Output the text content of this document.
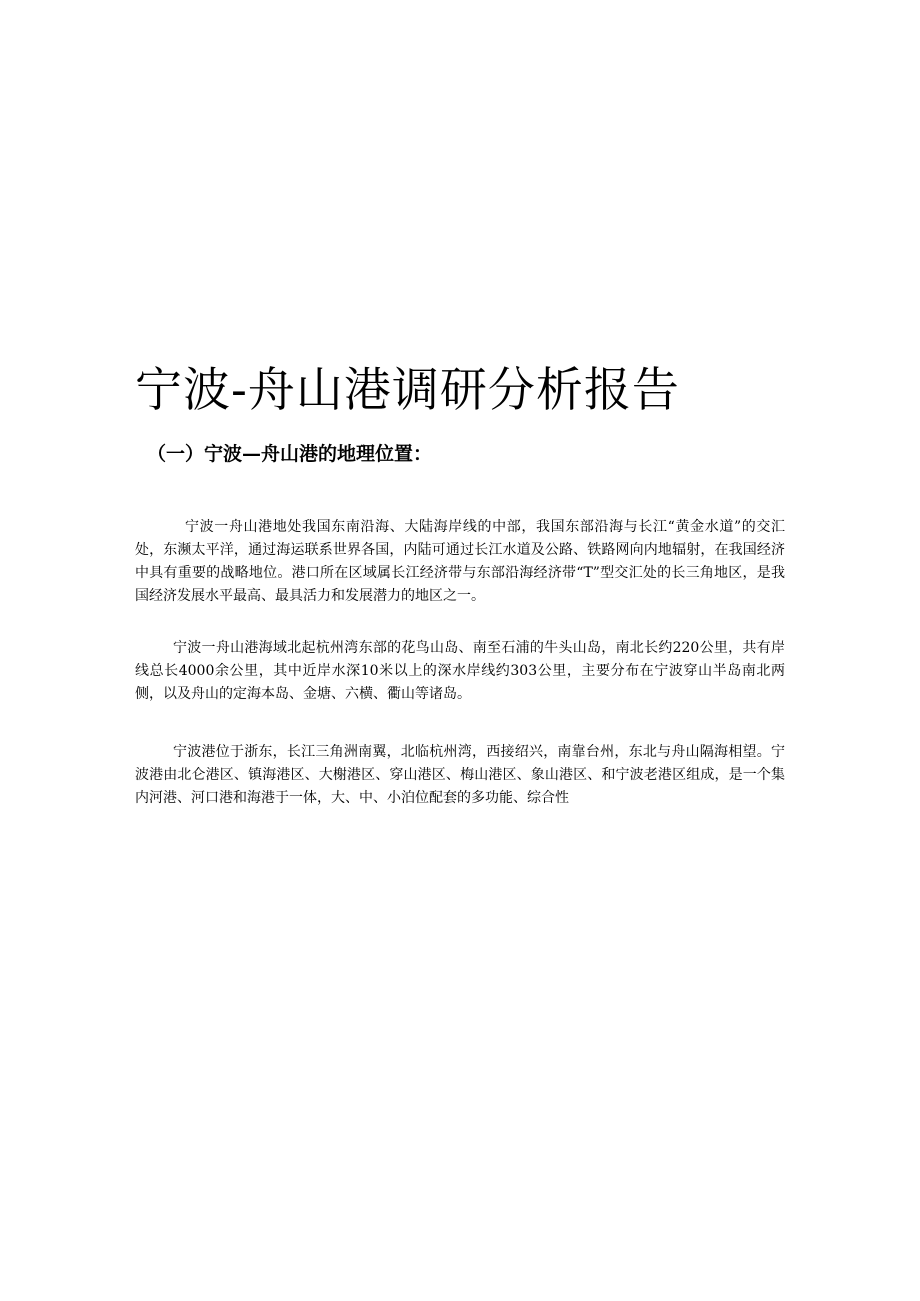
宁波-舟山港调研分析报告
（一）宁波—舟山港的地理位置：

宁波一舟山港地处我国东南沿海、大陆海岸线的中部，我国东部沿海与长江“黄金水道”的交汇处，东濒太平洋，通过海运联系世界各国，内陆可通过长江水道及公路、铁路网向内地辐射，在我国经济中具有重要的战略地位。港口所在区域属长江经济带与东部沿海经济带“T”型交汇处的长三角地区，是我国经济发展水平最高、最具活力和发展潜力的地区之一。

宁波一舟山港海域北起杭州湾东部的花鸟山岛、南至石浦的牛头山岛，南北长约220公里，共有岸线总长4000余公里，其中近岸水深10米以上的深水岸线约303公里，主要分布在宁波穿山半岛南北两侧，以及舟山的定海本岛、金塘、六横、衢山等诸岛。

宁波港位于浙东，长江三角洲南翼，北临杭州湾，西接绍兴，南靠台州，东北与舟山隔海相望。宁波港由北仑港区、镇海港区、大榭港区、穿山港区、梅山港区、象山港区、和宁波老港区组成，是一个集内河港、河口港和海港于一体，大、中、小泊位配套的多功能、综合性
